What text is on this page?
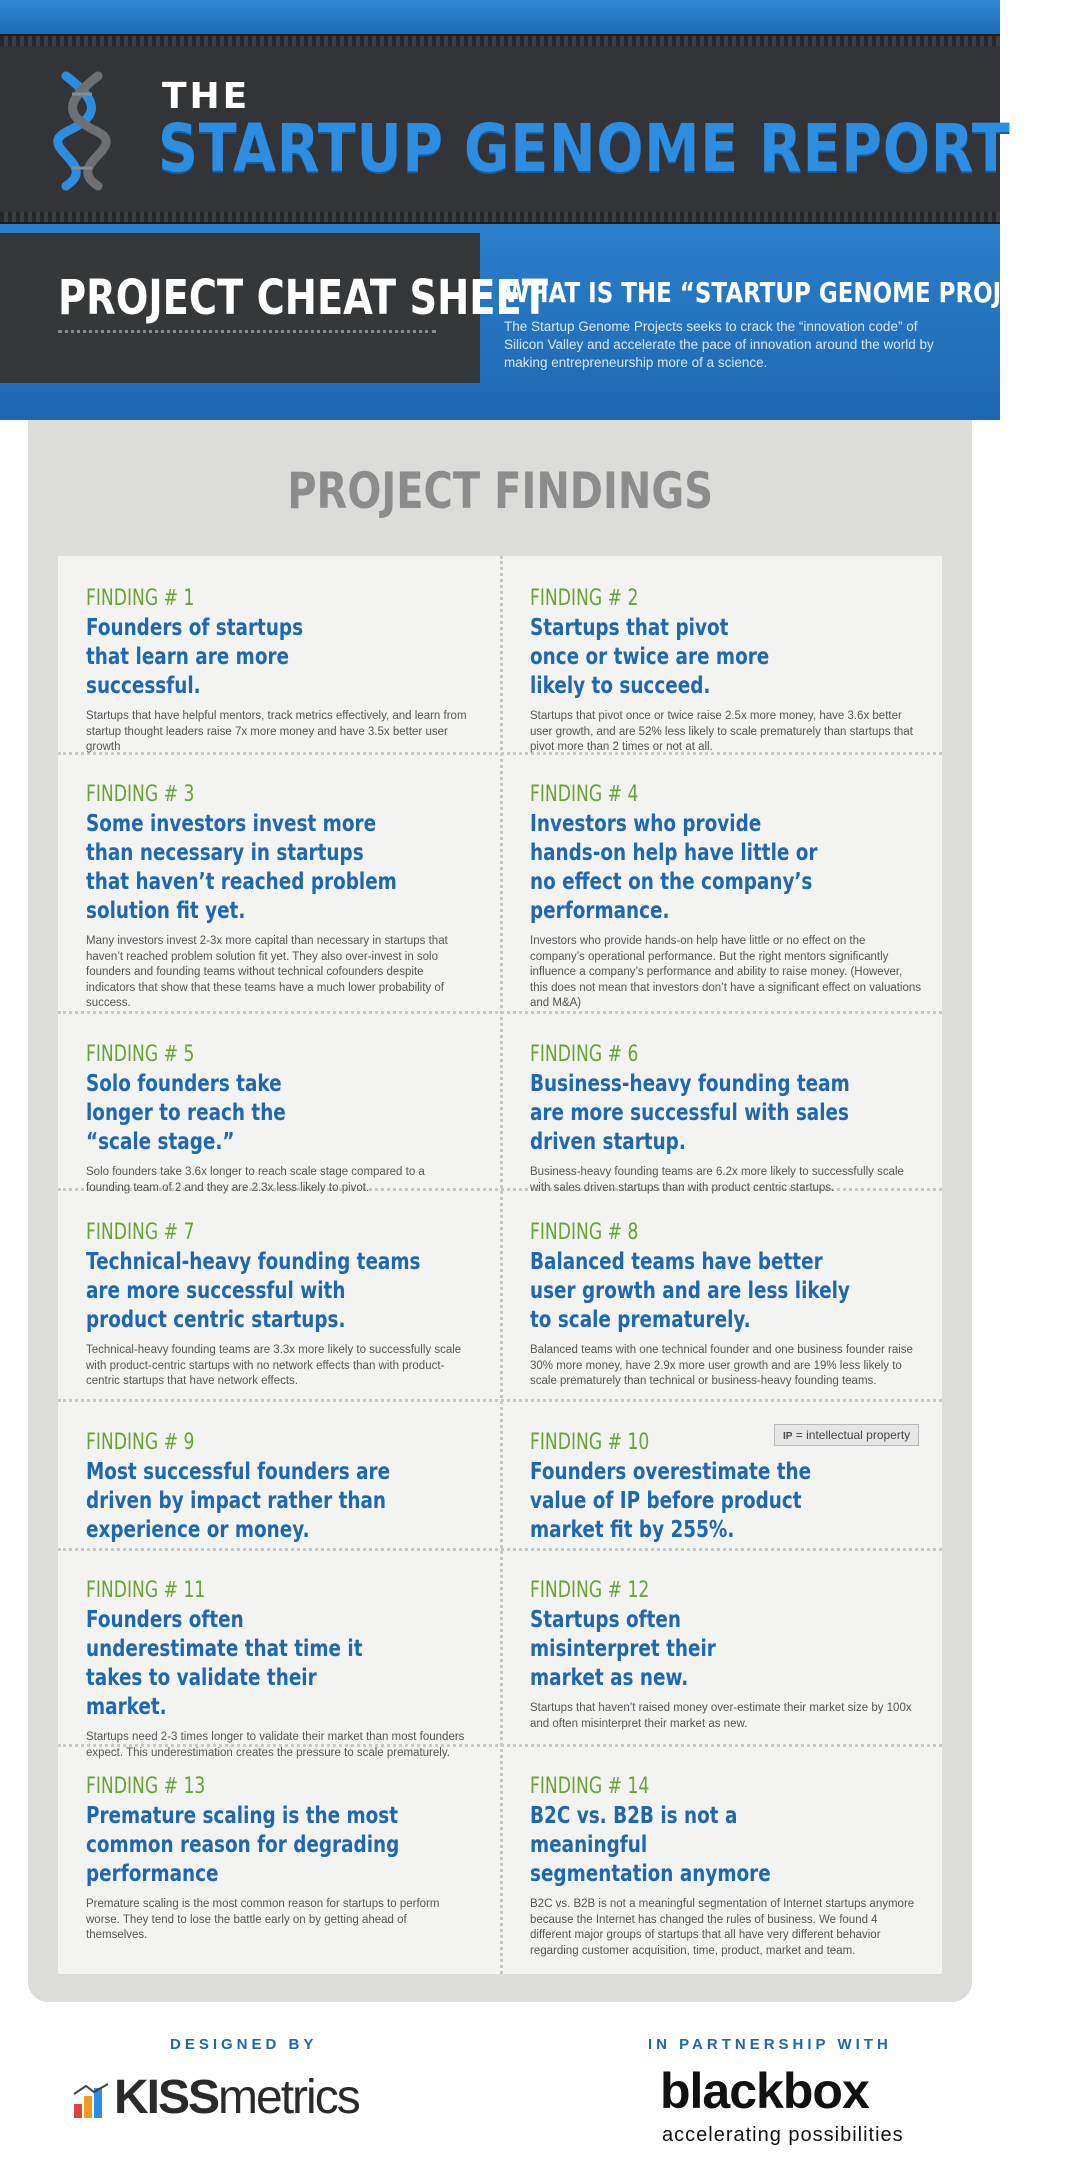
THE
STARTUP GENOME REPORT
PROJECT CHEAT SHEET
WHAT IS THE “STARTUP GENOME PROJECT”?
The Startup Genome Projects seeks to crack the “innovation code” of Silicon Valley and accelerate the pace of innovation around the world by making entrepreneurship more of a science.
PROJECT FINDINGS
FINDING # 1
Founders of startups that learn are more successful.
Startups that have helpful mentors, track metrics effectively, and learn from startup thought leaders raise 7x more money and have 3.5x better user growth
FINDING # 2
Startups that pivot once or twice are more likely to succeed.
Startups that pivot once or twice raise 2.5x more money, have 3.6x better user growth, and are 52% less likely to scale prematurely than startups that pivot more than 2 times or not at all.
FINDING # 3
Some investors invest more than necessary in startups that haven’t reached problem solution fit yet.
Many investors invest 2-3x more capital than necessary in startups that haven’t reached problem solution fit yet. They also over-invest in solo founders and founding teams without technical cofounders despite indicators that show that these teams have a much lower probability of success.
FINDING # 4
Investors who provide hands-on help have little or no effect on the company’s performance.
Investors who provide hands-on help have little or no effect on the company’s operational performance. But the right mentors significantly influence a company’s performance and ability to raise money. (However, this does not mean that investors don’t have a significant effect on valuations and M&A)
FINDING # 5
Solo founders take longer to reach the “scale stage.”
Solo founders take 3.6x longer to reach scale stage compared to a founding team of 2 and they are 2.3x less likely to pivot.
FINDING # 6
Business-heavy founding team are more successful with sales driven startup.
Business-heavy founding teams are 6.2x more likely to successfully scale with sales driven startups than with product centric startups.
FINDING # 7
Technical-heavy founding teams are more successful with product centric startups.
Technical-heavy founding teams are 3.3x more likely to successfully scale with product-centric startups with no network effects than with product-centric startups that have network effects.
FINDING # 8
Balanced teams have better user growth and are less likely to scale prematurely.
Balanced teams with one technical founder and one business founder raise 30% more money, have 2.9x more user growth and are 19% less likely to scale prematurely than technical or business-heavy founding teams.
FINDING # 9
Most successful founders are driven by impact rather than experience or money.
FINDING # 10
Founders overestimate the value of IP before product market fit by 255%.
IP = intellectual property
FINDING # 11
Founders often underestimate that time it takes to validate their market.
Startups need 2-3 times longer to validate their market than most founders expect. This underestimation creates the pressure to scale prematurely.
FINDING # 12
Startups often misinterpret their market as new.
Startups that haven’t raised money over-estimate their market size by 100x and often misinterpret their market as new.
FINDING # 13
Premature scaling is the most common reason for degrading performance
Premature scaling is the most common reason for startups to perform worse. They tend to lose the battle early on by getting ahead of themselves.
FINDING # 14
B2C vs. B2B is not a meaningful segmentation anymore
B2C vs. B2B is not a meaningful segmentation of Internet startups anymore because the Internet has changed the rules of business. We found 4 different major groups of startups that all have very different behavior regarding customer acquisition, time, product, market and team.
DESIGNED BY	IN PARTNERSHIP WITH
KISSmetrics	blackbox
accelerating possibilities
